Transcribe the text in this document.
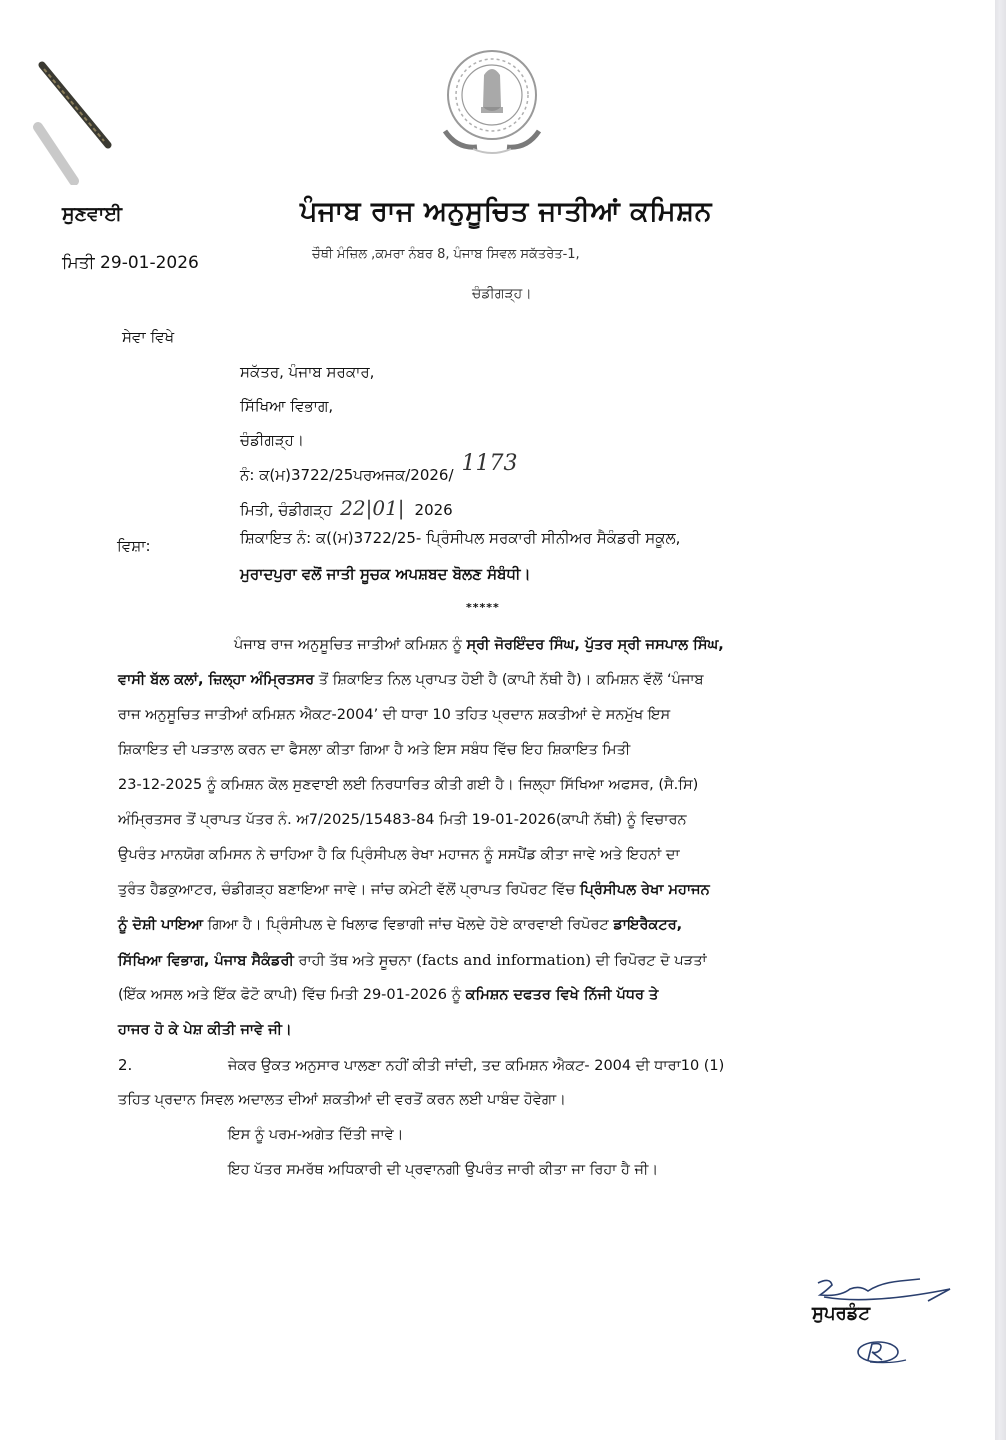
ਸੁਣਵਾਈ
ਮਿਤੀ 29-01-2026
ਪੰਜਾਬ ਰਾਜ ਅਨੁਸੂਚਿਤ ਜਾਤੀਆਂ ਕਮਿਸ਼ਨ
ਚੌਥੀ ਮੰਜ਼ਿਲ ,ਕਮਰਾ ਨੰਬਰ 8, ਪੰਜਾਬ ਸਿਵਲ ਸਕੱਤਰੇਤ-1,
ਚੰਡੀਗੜ੍ਹ।
ਸੇਵਾ ਵਿਖੇ
ਸਕੱਤਰ, ਪੰਜਾਬ ਸਰਕਾਰ,
ਸਿੱਖਿਆ ਵਿਭਾਗ,
ਚੰਡੀਗੜ੍ਹ।
ਨੰ: ਕ(ਮ)3722/25ਪਰਅਜਕ/2026/ 1173
ਮਿਤੀ, ਚੰਡੀਗੜ੍ਹ 22|01| 2026
ਵਿਸ਼ਾ:	ਸ਼ਿਕਾਇਤ ਨੰ: ਕ((ਮ)3722/25- ਪ੍ਰਿੰਸੀਪਲ ਸਰਕਾਰੀ ਸੀਨੀਅਰ ਸੈਕੰਡਰੀ ਸਕੂਲ,
ਮੁਰਾਦਪੁਰਾ ਵਲੋਂ ਜਾਤੀ ਸੂਚਕ ਅਪਸ਼ਬਦ ਬੋਲਣ ਸੰਬੰਧੀ।
*****
ਪੰਜਾਬ ਰਾਜ ਅਨੁਸੂਚਿਤ ਜਾਤੀਆਂ ਕਮਿਸ਼ਨ ਨੂੰ ਸ੍ਰੀ ਜੋਰਇੰਦਰ ਸਿੰਘ, ਪੁੱਤਰ ਸ੍ਰੀ ਜਸਪਾਲ ਸਿੰਘ,
ਵਾਸੀ ਬੱਲ ਕਲਾਂ, ਜ਼ਿਲ੍ਹਾ ਅੰਮ੍ਰਿਤਸਰ ਤੋਂ ਸ਼ਿਕਾਇਤ ਨਿਲ ਪ੍ਰਾਪਤ ਹੋਈ ਹੈ (ਕਾਪੀ ਨੱਥੀ ਹੈ)। ਕਮਿਸ਼ਨ ਵੱਲੋਂ ‘ਪੰਜਾਬ
ਰਾਜ ਅਨੁਸੂਚਿਤ ਜਾਤੀਆਂ ਕਮਿਸ਼ਨ ਐਕਟ-2004’ ਦੀ ਧਾਰਾ 10 ਤਹਿਤ ਪ੍ਰਦਾਨ ਸ਼ਕਤੀਆਂ ਦੇ ਸਨਮੁੱਖ ਇਸ
ਸ਼ਿਕਾਇਤ ਦੀ ਪੜਤਾਲ ਕਰਨ ਦਾ ਫੈਸਲਾ ਕੀਤਾ ਗਿਆ ਹੈ ਅਤੇ ਇਸ ਸਬੰਧ ਵਿੱਚ ਇਹ ਸ਼ਿਕਾਇਤ ਮਿਤੀ
23-12-2025 ਨੂੰ ਕਮਿਸ਼ਨ ਕੋਲ ਸੁਣਵਾਈ ਲਈ ਨਿਰਧਾਰਿਤ ਕੀਤੀ ਗਈ ਹੈ। ਜਿਲ੍ਹਾ ਸਿੱਖਿਆ ਅਫਸਰ, (ਸੈ.ਸਿ)
ਅੰਮ੍ਰਿਤਸਰ ਤੋਂ ਪ੍ਰਾਪਤ ਪੱਤਰ ਨੰ. ਅ7/2025/15483-84 ਮਿਤੀ 19-01-2026(ਕਾਪੀ ਨੱਥੀ) ਨੂੰ ਵਿਚਾਰਨ
ਉਪਰੰਤ ਮਾਨਯੋਗ ਕਮਿਸਨ ਨੇ ਚਾਹਿਆ ਹੈ ਕਿ ਪ੍ਰਿੰਸੀਪਲ ਰੇਖਾ ਮਹਾਜਨ ਨੂੰ ਸਸਪੈਂਡ ਕੀਤਾ ਜਾਵੇ ਅਤੇ ਇਹਨਾਂ ਦਾ
ਤੁਰੰਤ ਹੈਡਕੁਆਟਰ, ਚੰਡੀਗੜ੍ਹ ਬਣਾਇਆ ਜਾਵੇ। ਜਾਂਚ ਕਮੇਟੀ ਵੱਲੋਂ ਪ੍ਰਾਪਤ ਰਿਪੋਰਟ ਵਿੱਚ ਪ੍ਰਿੰਸੀਪਲ ਰੇਖਾ ਮਹਾਜਨ
ਨੂੰ ਦੋਸ਼ੀ ਪਾਇਆ ਗਿਆ ਹੈ। ਪ੍ਰਿੰਸੀਪਲ ਦੇ ਖਿਲਾਫ ਵਿਭਾਗੀ ਜਾਂਚ ਖੋਲਦੇ ਹੋਏ ਕਾਰਵਾਈ ਰਿਪੋਰਟ ਡਾਇਰੈਕਟਰ,
ਸਿੱਖਿਆ ਵਿਭਾਗ, ਪੰਜਾਬ ਸੈਕੰਡਰੀ ਰਾਹੀ ਤੱਥ ਅਤੇ ਸੂਚਨਾ (facts and information) ਦੀ ਰਿਪੋਰਟ ਦੋ ਪੜਤਾਂ
(ਇੱਕ ਅਸਲ ਅਤੇ ਇੱਕ ਫੋਟੋ ਕਾਪੀ) ਵਿੱਚ ਮਿਤੀ 29-01-2026 ਨੂੰ ਕਮਿਸ਼ਨ ਦਫਤਰ ਵਿਖੇ ਨਿੱਜੀ ਪੱਧਰ ਤੇ
ਹਾਜਰ ਹੋ ਕੇ ਪੇਸ਼ ਕੀਤੀ ਜਾਵੇ ਜੀ।
2.	ਜੇਕਰ ਉਕਤ ਅਨੁਸਾਰ ਪਾਲਣਾ ਨਹੀਂ ਕੀਤੀ ਜਾਂਦੀ, ਤਦ ਕਮਿਸ਼ਨ ਐਕਟ- 2004 ਦੀ ਧਾਰਾ10 (1)
ਤਹਿਤ ਪ੍ਰਦਾਨ ਸਿਵਲ ਅਦਾਲਤ ਦੀਆਂ ਸ਼ਕਤੀਆਂ ਦੀ ਵਰਤੋਂ ਕਰਨ ਲਈ ਪਾਬੰਦ ਹੋਵੇਗਾ।
ਇਸ ਨੂੰ ਪਰਮ-ਅਗੇਤ ਦਿੱਤੀ ਜਾਵੇ।
ਇਹ ਪੱਤਰ ਸਮਰੱਥ ਅਧਿਕਾਰੀ ਦੀ ਪ੍ਰਵਾਨਗੀ ਉਪਰੰਤ ਜਾਰੀ ਕੀਤਾ ਜਾ ਰਿਹਾ ਹੈ ਜੀ।
ਸੁਪਰਡੰਟ
